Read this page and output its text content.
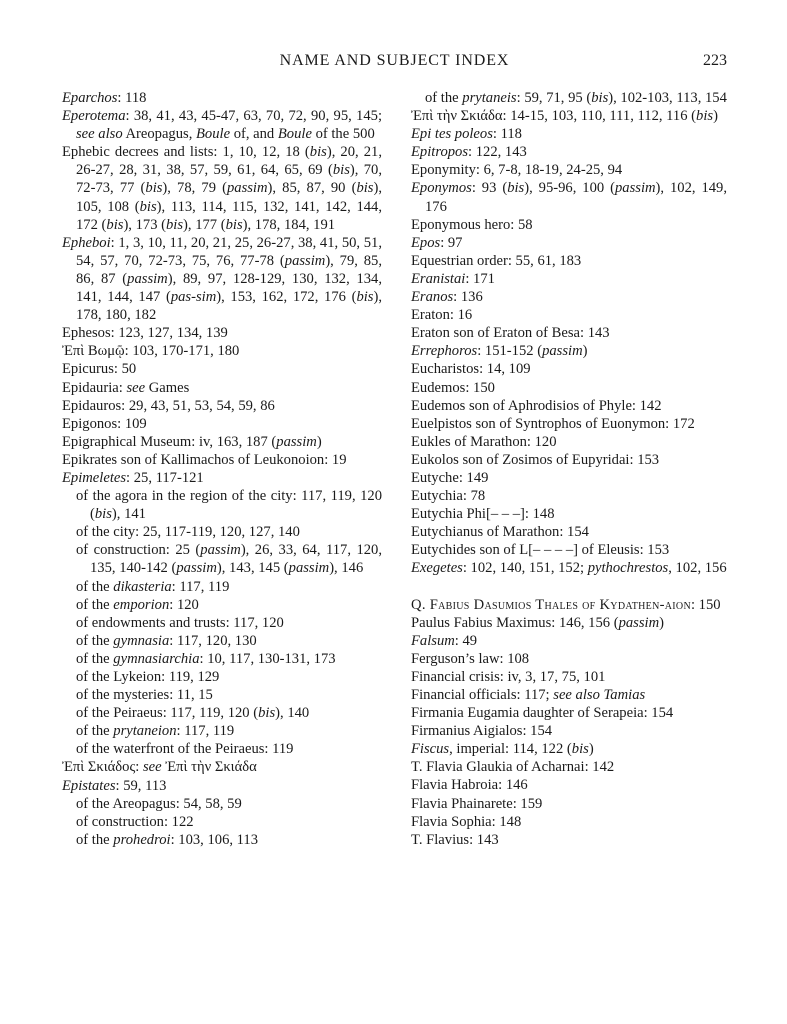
NAME AND SUBJECT INDEX	223
Eparchos: 118
Eperotema: 38, 41, 43, 45-47, 63, 70, 72, 90, 95, 145; see also Areopagus, Boule of, and Boule of the 500
Ephebic decrees and lists: 1, 10, 12, 18 (bis), 20, 21, 26-27, 28, 31, 38, 57, 59, 61, 64, 65, 69 (bis), 70, 72-73, 77 (bis), 78, 79 (passim), 85, 87, 90 (bis), 105, 108 (bis), 113, 114, 115, 132, 141, 142, 144, 172 (bis), 173 (bis), 177 (bis), 178, 184, 191
Epheboi: 1, 3, 10, 11, 20, 21, 25, 26-27, 38, 41, 50, 51, 54, 57, 70, 72-73, 75, 76, 77-78 (passim), 79, 85, 86, 87 (passim), 89, 97, 128-129, 130, 132, 134, 141, 144, 147 (pas-sim), 153, 162, 172, 176 (bis), 178, 180, 182
Ephesos: 123, 127, 134, 139
Ἐπὶ Βωμῷ: 103, 170-171, 180
Epicurus: 50
Epidauria: see Games
Epidauros: 29, 43, 51, 53, 54, 59, 86
Epigonos: 109
Epigraphical Museum: iv, 163, 187 (passim)
Epikrates son of Kallimachos of Leukonoion: 19
Epimeletes: 25, 117-121
of the agora in the region of the city: 117, 119, 120 (bis), 141
of the city: 25, 117-119, 120, 127, 140
of construction: 25 (passim), 26, 33, 64, 117, 120, 135, 140-142 (passim), 143, 145 (passim), 146
of the dikasteria: 117, 119
of the emporion: 120
of endowments and trusts: 117, 120
of the gymnasia: 117, 120, 130
of the gymnasiarchia: 10, 117, 130-131, 173
of the Lykeion: 119, 129
of the mysteries: 11, 15
of the Peiraeus: 117, 119, 120 (bis), 140
of the prytaneion: 117, 119
of the waterfront of the Peiraeus: 119
Ἐπὶ Σκιάδος: see Ἐπὶ τὴν Σκιάδα
Epistates: 59, 113
of the Areopagus: 54, 58, 59
of construction: 122
of the prohedroi: 103, 106, 113
of the prytaneis: 59, 71, 95 (bis), 102-103, 113, 154
Ἐπὶ τὴν Σκιάδα: 14-15, 103, 110, 111, 112, 116 (bis)
Epi tes poleos: 118
Epitropos: 122, 143
Eponymity: 6, 7-8, 18-19, 24-25, 94
Eponymos: 93 (bis), 95-96, 100 (passim), 102, 149, 176
Eponymous hero: 58
Epos: 97
Equestrian order: 55, 61, 183
Eranistai: 171
Eranos: 136
Eraton: 16
Eraton son of Eraton of Besa: 143
Errephoros: 151-152 (passim)
Eucharistos: 14, 109
Eudemos: 150
Eudemos son of Aphrodisios of Phyle: 142
Euelpistos son of Syntrophos of Euonymon: 172
Eukles of Marathon: 120
Eukolos son of Zosimos of Eupyridai: 153
Eutyche: 149
Eutychia: 78
Eutychia Phi[– – –]: 148
Eutychianus of Marathon: 154
Eutychides son of L[– – – –] of Eleusis: 153
Exegetes: 102, 140, 151, 152; pythochrestos, 102, 156
Q. Fabius Dasumios Thales of Kydathen-aion: 150
Paulus Fabius Maximus: 146, 156 (passim)
Falsum: 49
Ferguson’s law: 108
Financial crisis: iv, 3, 17, 75, 101
Financial officials: 117; see also Tamias
Firmania Eugamia daughter of Serapeia: 154
Firmanius Aigialos: 154
Fiscus, imperial: 114, 122 (bis)
T. Flavia Glaukia of Acharnai: 142
Flavia Habroia: 146
Flavia Phainarete: 159
Flavia Sophia: 148
T. Flavius: 143
